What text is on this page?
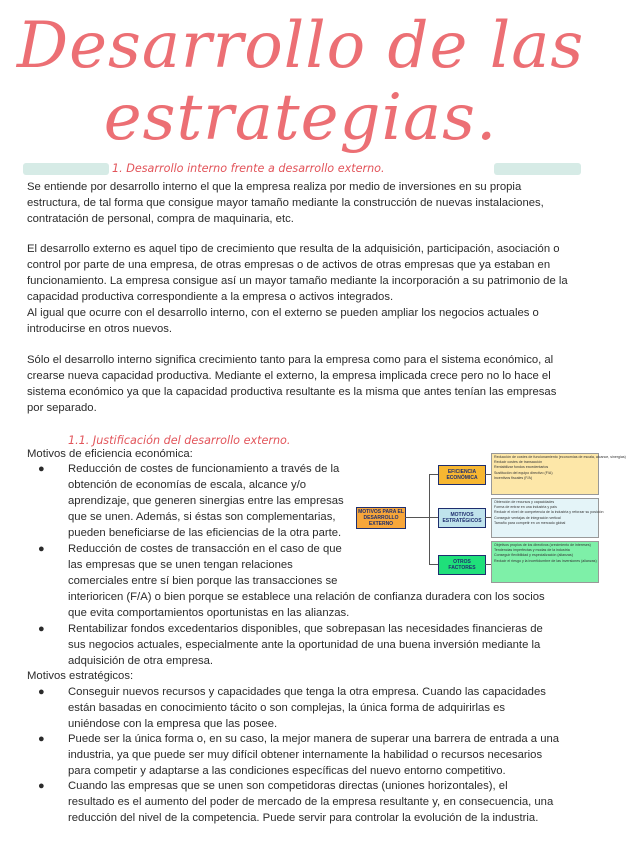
Desarrollo de las
estrategias.
1. Desarrollo interno frente a desarrollo externo.

Se entiende por desarrollo interno el que la empresa realiza por medio de inversiones en su propia estructura, de tal forma que consigue mayor tamaño mediante la construcción de nuevas instalaciones, contratación de personal, compra de maquinaria, etc.

El desarrollo externo es aquel tipo de crecimiento que resulta de la adquisición, participación, asociación o control por parte de una empresa, de otras empresas o de activos de otras empresas que ya estaban en funcionamiento. La empresa consigue así un mayor tamaño mediante la incorporación a su patrimonio de la capacidad productiva correspondiente a la empresa o activos integrados.

Al igual que ocurre con el desarrollo interno, con el externo se pueden ampliar los negocios actuales o introducirse en otros nuevos.

Sólo el desarrollo interno significa crecimiento tanto para la empresa como para el sistema económico, al crearse nueva capacidad productiva. Mediante el externo, la empresa implicada crece pero no lo hace el sistema económico ya que la capacidad productiva resultante es la misma que antes tenían las empresas por separado.

1.1. Justificación del desarrollo externo.
Motivos de eficiencia económica:
● Reducción de costes de funcionamiento a través de la
obtención de economías de escala, alcance y/o
aprendizaje, que generen sinergias entre las empresas
que se unen. Además, si éstas son complementarias,
pueden beneficiarse de las eficiencias de la otra parte.
● Reducción de costes de transacción en el caso de que
las empresas que se unen tengan relaciones
comerciales entre sí bien porque las transacciones se
interioricen (F/A) o bien porque se establece una relación de confianza duradera con los socios
que evita comportamientos oportunistas en las alianzas.
● Rentabilizar fondos excedentarios disponibles, que sobrepasan las necesidades financieras de
sus negocios actuales, especialmente ante la oportunidad de una buena inversión mediante la
adquisición de otra empresa.
Motivos estratégicos:
● Conseguir nuevos recursos y capacidades que tenga la otra empresa. Cuando las capacidades
están basadas en conocimiento tácito o son complejas, la única forma de adquirirlas es
uniéndose con la empresa que las posee.
● Puede ser la única forma o, en su caso, la mejor manera de superar una barrera de entrada a una
industria, ya que puede ser muy difícil obtener internamente la habilidad o recursos necesarios
para competir y adaptarse a las condiciones específicas del nuevo entorno competitivo.
● Cuando las empresas que se unen son competidoras directas (uniones horizontales), el
resultado es el aumento del poder de mercado de la empresa resultante y, en consecuencia, una
reducción del nivel de la competencia. Puede servir para controlar la evolución de la industria.
MOTIVOS PARA EL DESARROLLO EXTERNO
EFICIENCIA ECONÓMICA
MOTIVOS ESTRATÉGICOS
OTROS FACTORES
Reducción de costes de funcionamiento (economías de escala, alcance, sinergias)
Reducir costes de transacción
Rentabilizar fondos excedentarios
Sustitución del equipo directivo (F/A)
Incentivos fiscales (F/A)
Obtención de recursos y capacidades
Forma de entrar en una industria y país
Reducir el nivel de competencia de la industria y reforzar su posición
Conseguir ventajas de integración vertical
Tamaño para competir en un mercado global
Objetivos propios de los directivos (crecimiento de intereses)
Tendencias imperfectas y modas de la industria
Conseguir flexibilidad y especialización (alianzas)
Reducir el riesgo y la incertidumbre de las inversiones (alianzas)
